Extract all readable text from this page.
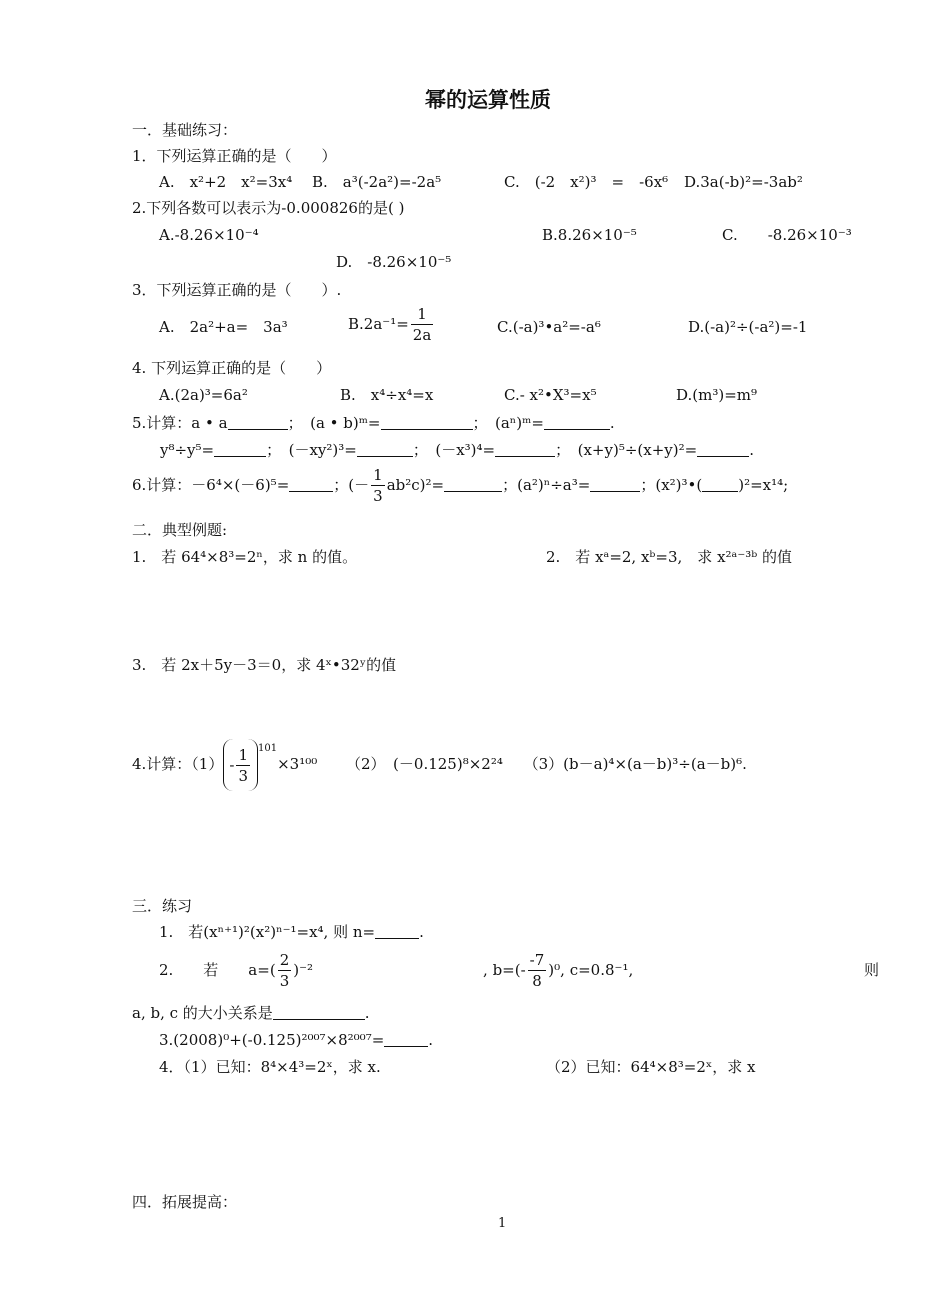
幂的运算性质
一．基础练习：
1．下列运算正确的是（　　）
A.　x²+2　x²=3x⁴ B.　a³(-2a²)=-2a⁵	C.　(-2　x²)³　=　-6x⁶ D.3a(-b)²=-3ab²
2.下列各数可以表示为-0.000826的是( )
A.-8.26×10⁻⁴	B.8.26×10⁻⁵	C.　　-8.26×10⁻³
D.　-8.26×10⁻⁵
3．下列运算正确的是（　　）.
A.　2a²+a=　3a³	$B.2a^{-1}= \frac{1}{2a}$	C.(-a)³•a²=-a⁶	D.(-a)²÷(-a²)=-1
4. 下列运算正确的是（　　）
A.(2a)³=6a²	B.　x⁴÷x⁴=x	C.- x²•X³=x⁵	D.(m³)=m⁹
5.计算：a • a	；　(a • b)ᵐ=	；　(aⁿ)ᵐ=	.
y⁸÷y⁵=	；　(－xy²)³=	；　(－x³)⁴=	；　(x+y)⁵÷(x+y)²=	.
6.计算：－6⁴×(－6)⁵=	；(－ $\frac{1}{3} ab^2c)^2=$	；(a²)ⁿ÷a³=	；(x²)³•( )²=x¹⁴;
二．典型例题:
1.　若 64⁴×8³=2ⁿ，求 n 的值。	2.　若 xᵃ=2, xᵇ=3,　求 x²ᵃ⁻³ᵇ 的值
3.　若 2x＋5y－3＝0，求 4ˣ•32ʸ的值
4.计算：$(1) - \frac{1}{3} ^{101}\times 3^{100}$ （2）　(－0.125)⁸×2²⁴ （3）(b－a)⁴×(a－b)³÷(a－b)⁶.
三．练习
1.　若(xⁿ⁺¹)²(x²)ⁿ⁻¹=x⁴, 则 n=	.
2.　　若　　$a=( \frac{2}{3} )^{-2}$	, $b=(- \frac{-7}{8} )^0$, c=0.8⁻¹,	则
a, b, c 的大小关系是	.
3.(2008)⁰+(-0.125)²⁰⁰⁷×8²⁰⁰⁷=	.
4．（1）已知：8⁴×4³=2ˣ，求 x.	（2）已知：64⁴×8³=2ˣ，求 x
四．拓展提高：
1
